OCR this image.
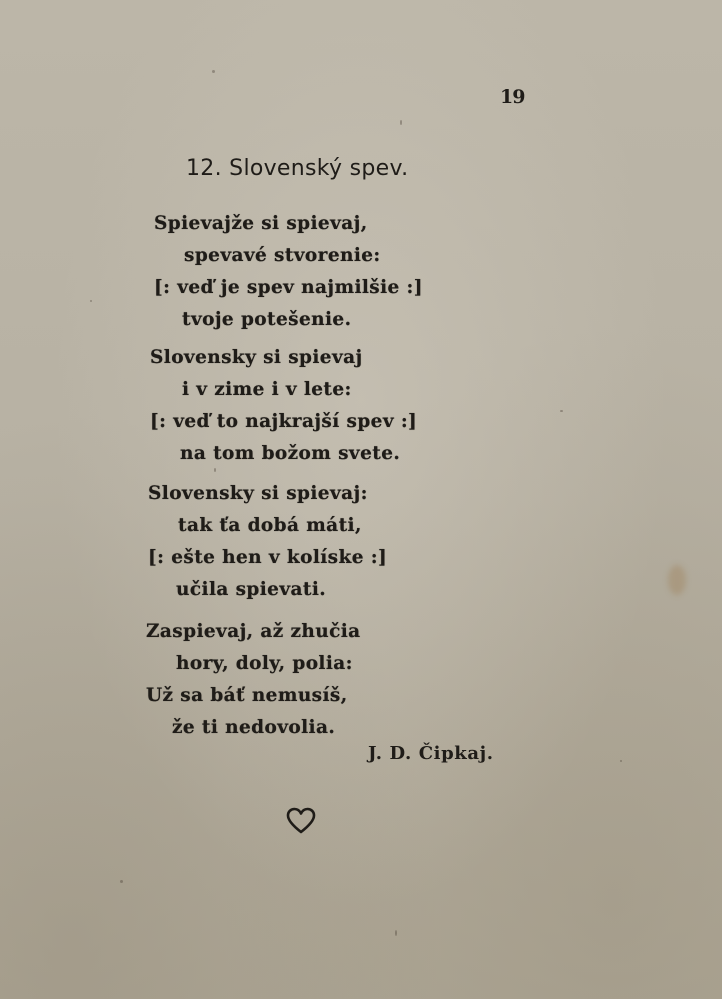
19
12. Slovenský spev.
Spievajže si spievaj,
spevavé stvorenie:
[: veď je spev najmilšie :]
tvoje potešenie.
Slovensky si spievaj
i v zime i v lete:
[: veď to najkrajší spev :]
na tom božom svete.
Slovensky si spievaj:
tak ťa dobá máti,
[: ešte hen v kolíske :]
učila spievati.
Zaspievaj, až zhučia
hory, doly, polia:
Už sa báť nemusíš,
že ti nedovolia.
J. D. Čipkaj.
